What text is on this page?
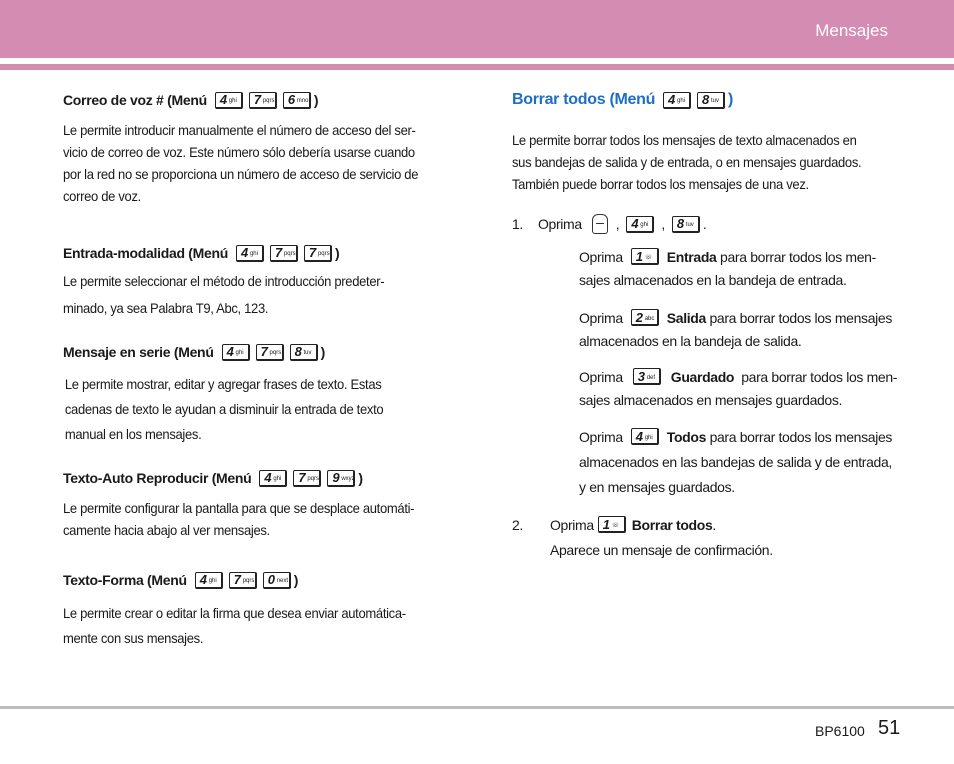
Mensajes
Correo de voz # (Menú 4 ghi 7 pqrs 6 mno )
Le permite introducir manualmente el número de acceso del ser-
vicio de correo de voz. Este número sólo debería usarse cuando
por la red no se proporciona un número de acceso de servicio de
correo de voz.
Entrada-modalidad (Menú 4 ghi 7 pqrs 7 pqrs )
Le permite seleccionar el método de introducción predeter-
minado, ya sea Palabra T9, Abc, 123.
Mensaje en serie (Menú 4 ghi 7 pqrs 8 tuv )
Le permite mostrar, editar y agregar frases de texto. Estas
cadenas de texto le ayudan a disminuir la entrada de texto
manual en los mensajes.
Texto-Auto Reproducir (Menú 4 ghi 7 pqrs 9 wxyz )
Le permite configurar la pantalla para que se desplace automáti-
camente hacia abajo al ver mensajes.
Texto-Forma (Menú 4 ghi 7 pqrs 0 next )
Le permite crear o editar la firma que desea enviar automática-
mente con sus mensajes.
Borrar todos (Menú 4 ghi 8 tuv )
Le permite borrar todos los mensajes de texto almacenados en
sus bandejas de salida y de entrada, o en mensajes guardados.
También puede borrar todos los mensajes de una vez.
1.	Oprima , 4 ghi , 8 tuv .
Oprima 1 ☏ Entrada
para borrar todos los men-
sajes almacenados en la bandeja de entrada.
Oprima 2 abc Salida
para borrar todos los mensajes
almacenados en la bandeja de salida.
Oprima 3 def Guardado
para borrar todos los men-
sajes almacenados en mensajes guardados.
Oprima 4 ghi Todos
para borrar todos los mensajes
almacenados en las bandejas de salida y de entrada,
y en mensajes guardados.
2.	Oprima 1 ☏ Borrar todos .
Aparece un mensaje de confirmación.
BP6100 51
